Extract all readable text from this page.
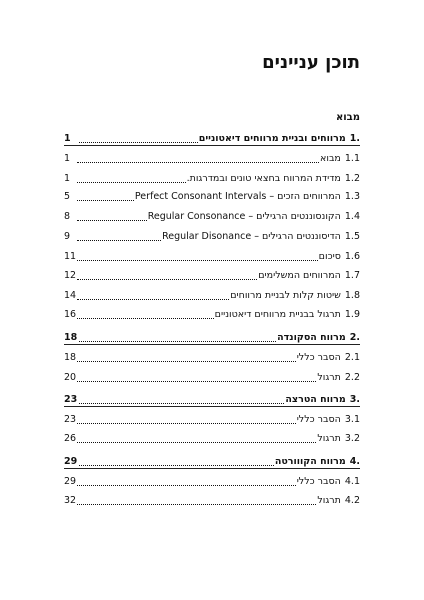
תוכן עניינים
מבוא
1.
מרווחים ובניית מרווחים דיאטוניים
1
1.1
מבוא
1
1.2
מדידת המרווח בחצאי טונים ובמדרגות.
1
1.3
המרווחים הזכים – Perfect Consonant Intervals
5
1.4
הקונסוננטים הרגילים – Regular Consonance
8
1.5
הדיסוננטים הרגילים – Regular Disonance
9
1.6
סיכום
11
1.7
המרווחים המשלימים
12
1.8
שיטות קלות לבניית מרווחים
14
1.9
תרגול בבניית מרווחים דיאטוניים
16
2.
מרווח הסקונדה
18
2.1
הסבר כללי
18
2.2
תרגול
20
3.
מרווח הטרצה
23
3.1
הסבר כללי
23
3.2
תרגול
26
4.
מרווח הקווורטה
29
4.1
הסבר כללי
29
4.2
תרגול
32
